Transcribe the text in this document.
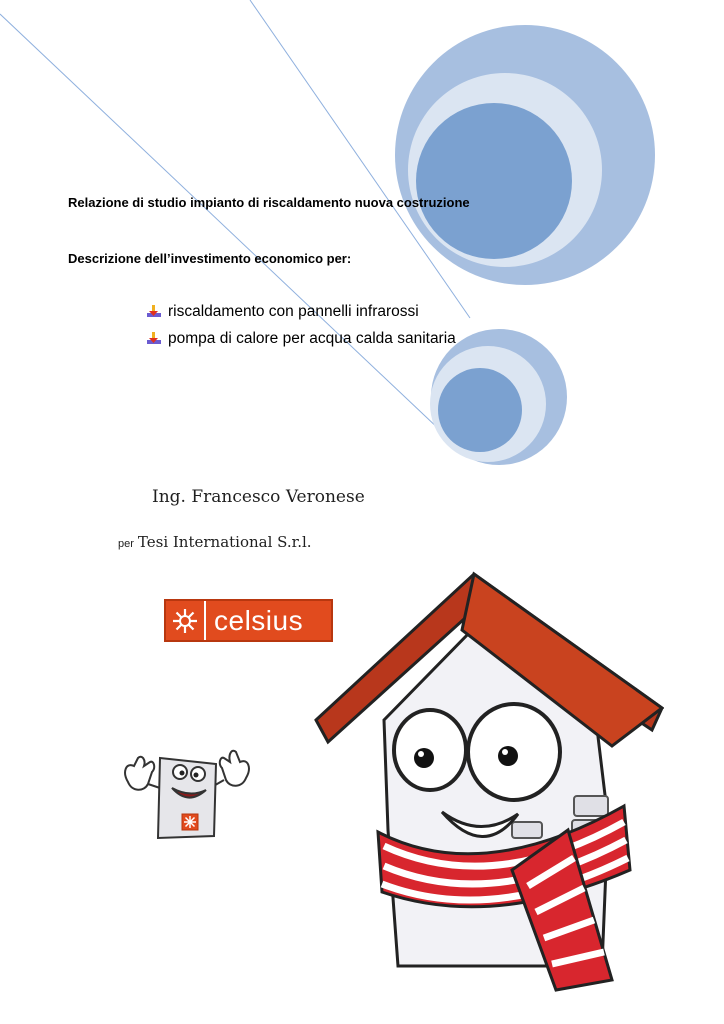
Relazione di studio impianto di riscaldamento nuova costruzione
Descrizione dell’investimento economico per:
riscaldamento con pannelli infrarossi
pompa di calore per acqua calda sanitaria
Ing. Francesco Veronese
per Tesi International S.r.l.
celsius
